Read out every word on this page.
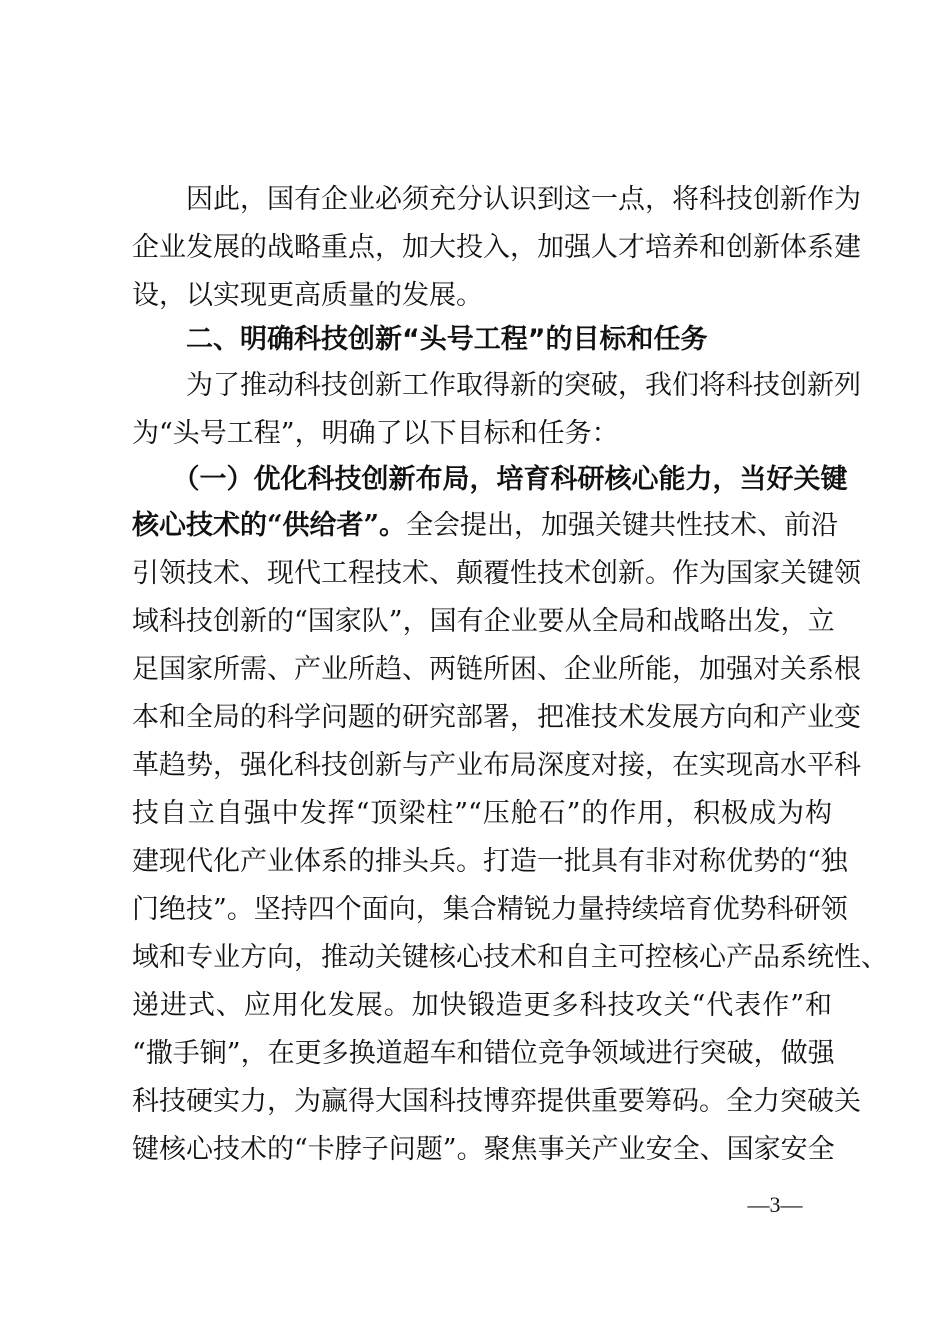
　　因此，国有企业必须充分认识到这一点，将科技创新作为
企业发展的战略重点，加大投入，加强人才培养和创新体系建
设，以实现更高质量的发展。
　　二、明确科技创新“头号工程”的目标和任务
　　为了推动科技创新工作取得新的突破，我们将科技创新列
为“头号工程”，明确了以下目标和任务：
　　（一）优化科技创新布局，培育科研核心能力，当好关键
核心技术的“供给者”。全会提出，加强关键共性技术、前沿
引领技术、现代工程技术、颠覆性技术创新。作为国家关键领
域科技创新的“国家队”，国有企业要从全局和战略出发，立
足国家所需、产业所趋、两链所困、企业所能，加强对关系根
本和全局的科学问题的研究部署，把准技术发展方向和产业变
革趋势，强化科技创新与产业布局深度对接，在实现高水平科
技自立自强中发挥“顶梁柱”“压舱石”的作用，积极成为构
建现代化产业体系的排头兵。打造一批具有非对称优势的“独
门绝技”。坚持四个面向，集合精锐力量持续培育优势科研领
域和专业方向，推动关键核心技术和自主可控核心产品系统性、
递进式、应用化发展。加快锻造更多科技攻关“代表作”和
“撒手锏”，在更多换道超车和错位竞争领域进行突破，做强
科技硬实力，为赢得大国科技博弈提供重要筹码。全力突破关
键核心技术的“卡脖子问题”。聚焦事关产业安全、国家安全
—3—
